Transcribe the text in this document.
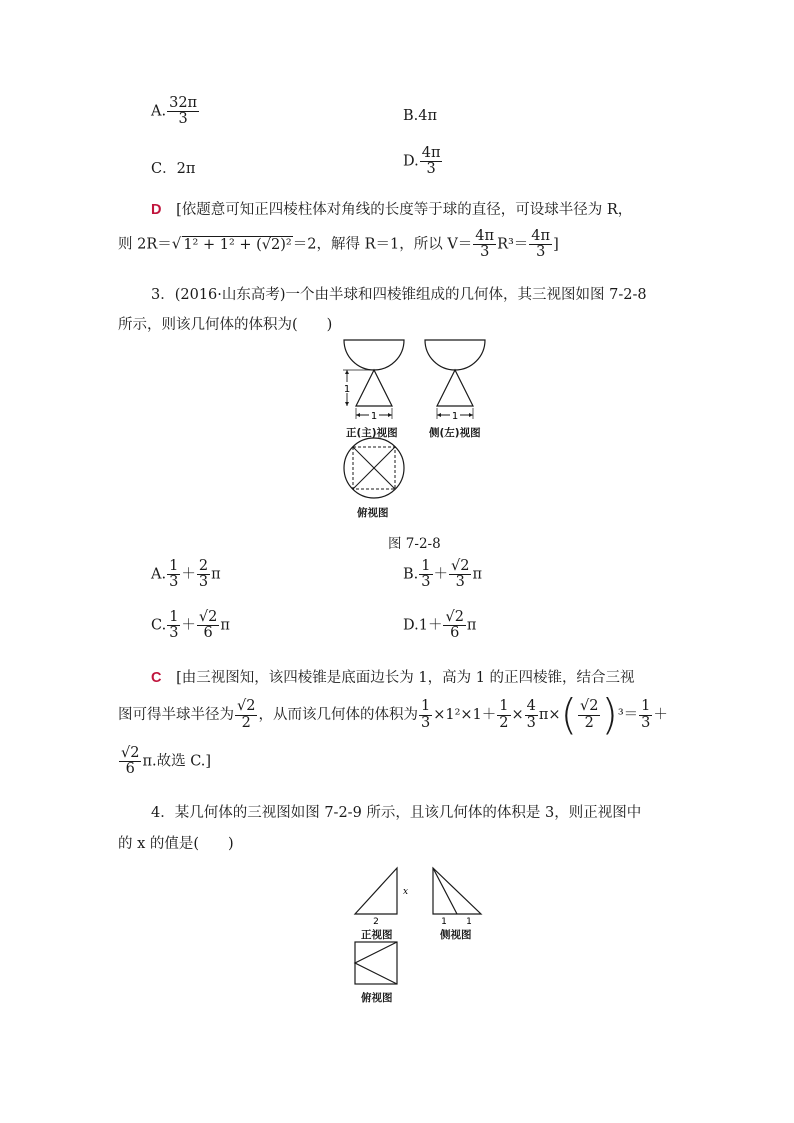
A. $\frac{32\pi}{3}$	B.4π
C．2π	D. $\frac{4\pi}{3}$
D [依题意可知正四棱柱体对角线的长度等于球的直径，可设球半径为 R，
则 2R＝√ 1² + 1² + (√2)²＝2，解得 R＝1，所以 $V= \frac{4\pi}{3} R^3= \frac{4\pi}{3}$ ]
3．(2016·山东高考)一个由半球和四棱锥组成的几何体，其三视图如图 7-2-8
所示，则该几何体的体积为(　　)
1
1
1
正(主)视图	侧(左)视图
俯视图
图 7-2-8
A. $\frac{1}{3} + \frac{2}{3}$ π	B. $\frac{1}{3} + \frac{√2}{3}$ π
C. $\frac{1}{3} + \frac{√2}{6}$ π	$D.1+ \frac{√2}{6}$ π
C [由三视图知，该四棱锥是底面边长为 1，高为 1 的正四棱锥，结合三视
图可得半球半径为 $\frac{√2}{2}$ ，从而该几何体的体积为 $\frac{1}{3} \times 1^2\times 1+ \frac{1}{2} \times \frac{4}{3} \pi\times( \frac{√2}{2} )^3= \frac{1}{3}$ ＋
$\frac{√2}{6} \pi$.故选 C.]
4．某几何体的三视图如图 7-2-9 所示，且该几何体的体积是 3，则正视图中
的 x 的值是(　　)
x
2	1 1
正视图	侧视图
俯视图
